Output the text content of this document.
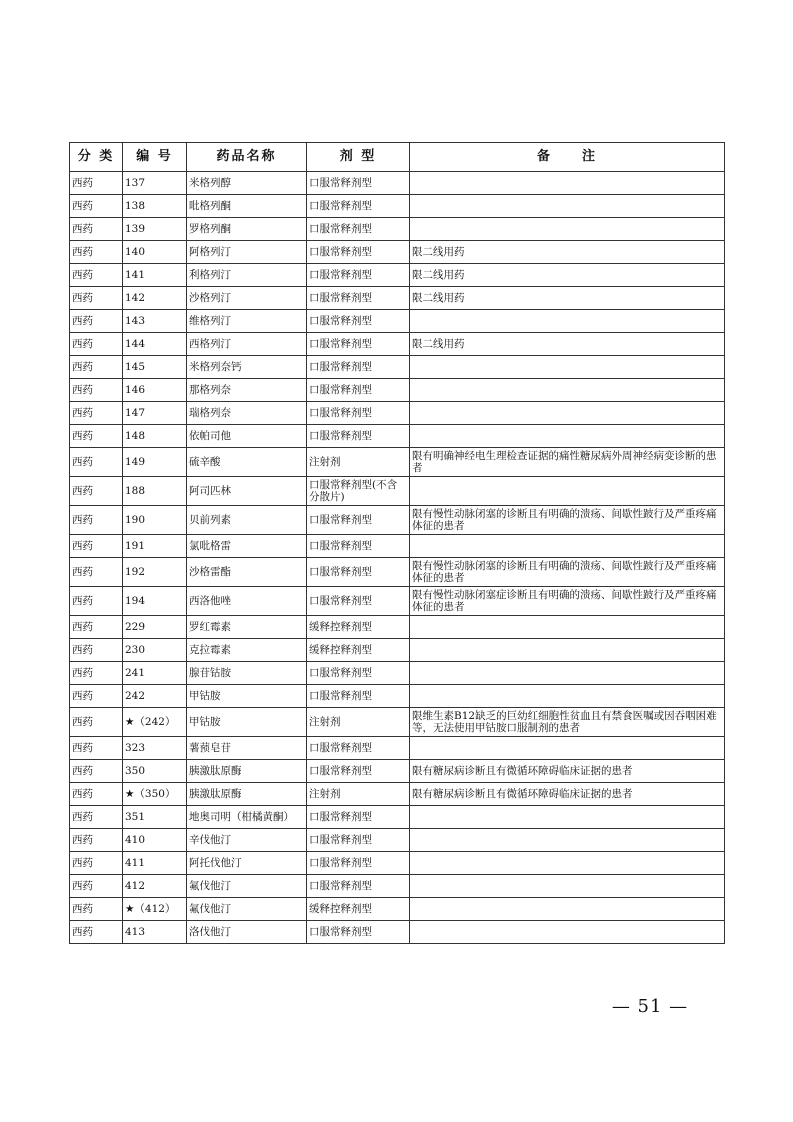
分 类	编 号	药品名称	剂 型	备　　注
西药	137	米格列醇	口服常释剂型	
西药	138	吡格列酮	口服常释剂型	
西药	139	罗格列酮	口服常释剂型	
西药	140	阿格列汀	口服常释剂型	限二线用药
西药	141	利格列汀	口服常释剂型	限二线用药
西药	142	沙格列汀	口服常释剂型	限二线用药
西药	143	维格列汀	口服常释剂型	
西药	144	西格列汀	口服常释剂型	限二线用药
西药	145	米格列奈钙	口服常释剂型	
西药	146	那格列奈	口服常释剂型	
西药	147	瑞格列奈	口服常释剂型	
西药	148	依帕司他	口服常释剂型	
西药	149	硫辛酸	注射剂	限有明确神经电生理检查证据的痛性糖尿病外周神经病变诊断的患者
西药	188	阿司匹林	口服常释剂型(不含分散片)	
西药	190	贝前列素	口服常释剂型	限有慢性动脉闭塞的诊断且有明确的溃疡、间歇性跛行及严重疼痛体征的患者
西药	191	氯吡格雷	口服常释剂型	
西药	192	沙格雷酯	口服常释剂型	限有慢性动脉闭塞的诊断且有明确的溃疡、间歇性跛行及严重疼痛体征的患者
西药	194	西洛他唑	口服常释剂型	限有慢性动脉闭塞症诊断且有明确的溃疡、间歇性跛行及严重疼痛体征的患者
西药	229	罗红霉素	缓释控释剂型	
西药	230	克拉霉素	缓释控释剂型	
西药	241	腺苷钴胺	口服常释剂型	
西药	242	甲钴胺	口服常释剂型	
西药	★（242）	甲钴胺	注射剂	限维生素B12缺乏的巨幼红细胞性贫血且有禁食医嘱或因吞咽困难等，无法使用甲钴胺口服制剂的患者
西药	323	薯蓣皂苷	口服常释剂型	
西药	350	胰激肽原酶	口服常释剂型	限有糖尿病诊断且有微循环障碍临床证据的患者
西药	★（350）	胰激肽原酶	注射剂	限有糖尿病诊断且有微循环障碍临床证据的患者
西药	351	地奥司明（柑橘黄酮）	口服常释剂型	
西药	410	辛伐他汀	口服常释剂型	
西药	411	阿托伐他汀	口服常释剂型	
西药	412	氟伐他汀	口服常释剂型	
西药	★（412）	氟伐他汀	缓释控释剂型	
西药	413	洛伐他汀	口服常释剂型	
— 51 —
